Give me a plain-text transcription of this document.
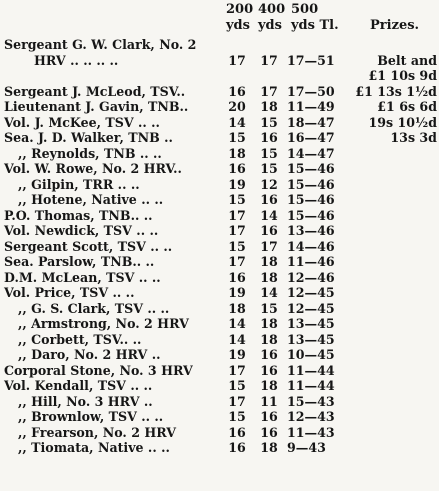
200 400 500
yds yds yds Tl. Prizes.
Sergeant G. W. Clark, No. 2
HRV .. .. .. ..	17	17 17—51	Belt and
£1 10s 9d
Sergeant J. McLeod, TSV..	16	17 17—50	£1 13s 1½d
Lieutenant J. Gavin, TNB..	20	18 11—49	£1 6s 6d
Vol. J. McKee, TSV .. ..	14	15 18—47	19s 10½d
Sea. J. D. Walker, TNB ..	15	16 16—47	13s 3d
,, Reynolds, TNB .. ..	18	15 14—47
Vol. W. Rowe, No. 2 HRV..	16	15 15—46
,, Gilpin, TRR .. ..	19	12 15—46
,, Hotene, Native .. ..	15	16 15—46
P.O. Thomas, TNB.. ..	17	14 15—46
Vol. Newdick, TSV .. ..	17	16 13—46
Sergeant Scott, TSV .. ..	15	17 14—46
Sea. Parslow, TNB.. ..	17	18 11—46
D.M. McLean, TSV .. ..	16	18 12—46
Vol. Price, TSV .. ..	19	14 12—45
,, G. S. Clark, TSV .. ..	18	15 12—45
,, Armstrong, No. 2 HRV	14	18 13—45
,, Corbett, TSV.. ..	14	18 13—45
,, Daro, No. 2 HRV ..	19	16 10—45
Corporal Stone, No. 3 HRV	17	16 11—44
Vol. Kendall, TSV .. ..	15	18 11—44
,, Hill, No. 3 HRV ..	17	11 15—43
,, Brownlow, TSV .. ..	15	16 12—43
,, Frearson, No. 2 HRV	16	16 11—43
,, Tiomata, Native .. ..	16	18 9—43
